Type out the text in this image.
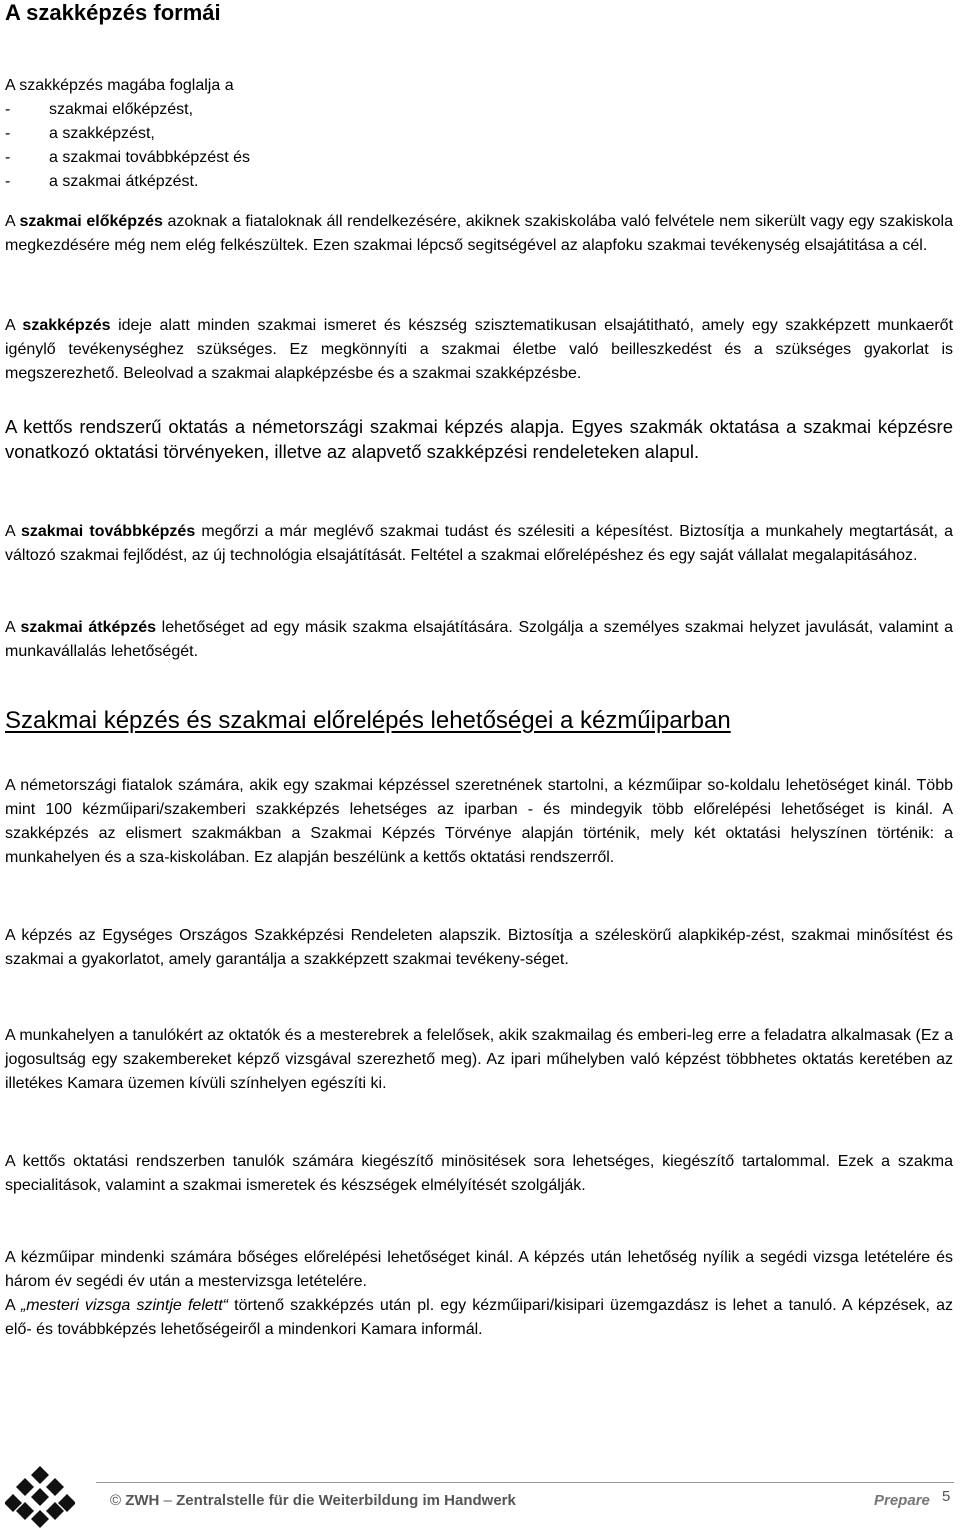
A szakképzés formái
A szakképzés magába foglalja a
- szakmai előképzést,
- a szakképzést,
- a szakmai továbbképzést és
- a szakmai átképzést.

A szakmai előképzés azoknak a fiataloknak áll rendelkezésére, akiknek szakiskolába való felvétele nem sikerült vagy egy szakiskola megkezdésére még nem elég felkészültek. Ezen szakmai lépcső segitségével az alapfoku szakmai tevékenység elsajátitása a cél.

A szakképzés ideje alatt minden szakmai ismeret és készség szisztematikusan elsajátitható, amely egy szakképzett munkaerőt igénylő tevékenységhez szükséges. Ez megkönnyíti a szakmai életbe való beilleszkedést és a szükséges gyakorlat is megszerezhető. Beleolvad a szakmai alapképzésbe és a szakmai szakképzésbe.

A kettős rendszerű oktatás a németországi szakmai képzés alapja. Egyes szakmák oktatása a szakmai képzésre vonatkozó oktatási törvényeken, illetve az alapvető szakképzési rendeleteken alapul.

A szakmai továbbképzés megőrzi a már meglévő szakmai tudást és szélesiti a képesítést. Biztosítja a munkahely megtartását, a változó szakmai fejlődést, az új technológia elsajátítását. Feltétel a szakmai előrelépéshez és egy saját vállalat megalapitásához.

A szakmai átképzés lehetőséget ad egy másik szakma elsajátítására. Szolgálja a személyes szakmai helyzet javulását, valamint a munkavállalás lehetőségét.

Szakmai képzés és szakmai előrelépés lehetőségei a kézműiparban

A németországi fiatalok számára, akik egy szakmai képzéssel szeretnének startolni, a kézműipar so-koldalu lehetöséget kinál. Több mint 100 kézműipari/szakemberi szakképzés lehetséges az iparban - és mindegyik több előrelépési lehetőséget is kinál. A szakképzés az elismert szakmákban a Szakmai Képzés Törvénye alapján történik, mely két oktatási helyszínen történik: a munkahelyen és a sza-kiskolában. Ez alapján beszélünk a kettős oktatási rendszerről.

A képzés az Egységes Országos Szakképzési Rendeleten alapszik. Biztosítja a széleskörű alapkikép-zést, szakmai minősítést és szakmai a gyakorlatot, amely garantálja a szakképzett szakmai tevékeny-séget.

A munkahelyen a tanulókért az oktatók és a mesterebrek a felelősek, akik szakmailag és emberi-leg erre a feladatra alkalmasak (Ez a jogosultság egy szakembereket képző vizsgával szerezhető meg). Az ipari műhelyben való képzést többhetes oktatás keretében az illetékes Kamara üzemen kívüli színhelyen egészíti ki.

A kettős oktatási rendszerben tanulók számára kiegészítő minösitések sora lehetséges, kiegészítő tartalommal. Ezek a szakma specialitások, valamint a szakmai ismeretek és készségek elmélyítését szolgálják.

A kézműipar mindenki számára bőséges előrelépési lehetőséget kinál. A képzés után lehetőség nyílik a segédi vizsga letételére és három év segédi év után a mestervizsga letételére.
A „mesteri vizsga szintje felett“ törtenő szakképzés után pl. egy kézműipari/kisipari üzemgazdász is lehet a tanuló. A képzések, az elő- és továbbképzés lehetőségeiről a mindenkori Kamara informál.

© ZWH – Zentralstelle für die Weiterbildung im Handwerk	Prepare 5
